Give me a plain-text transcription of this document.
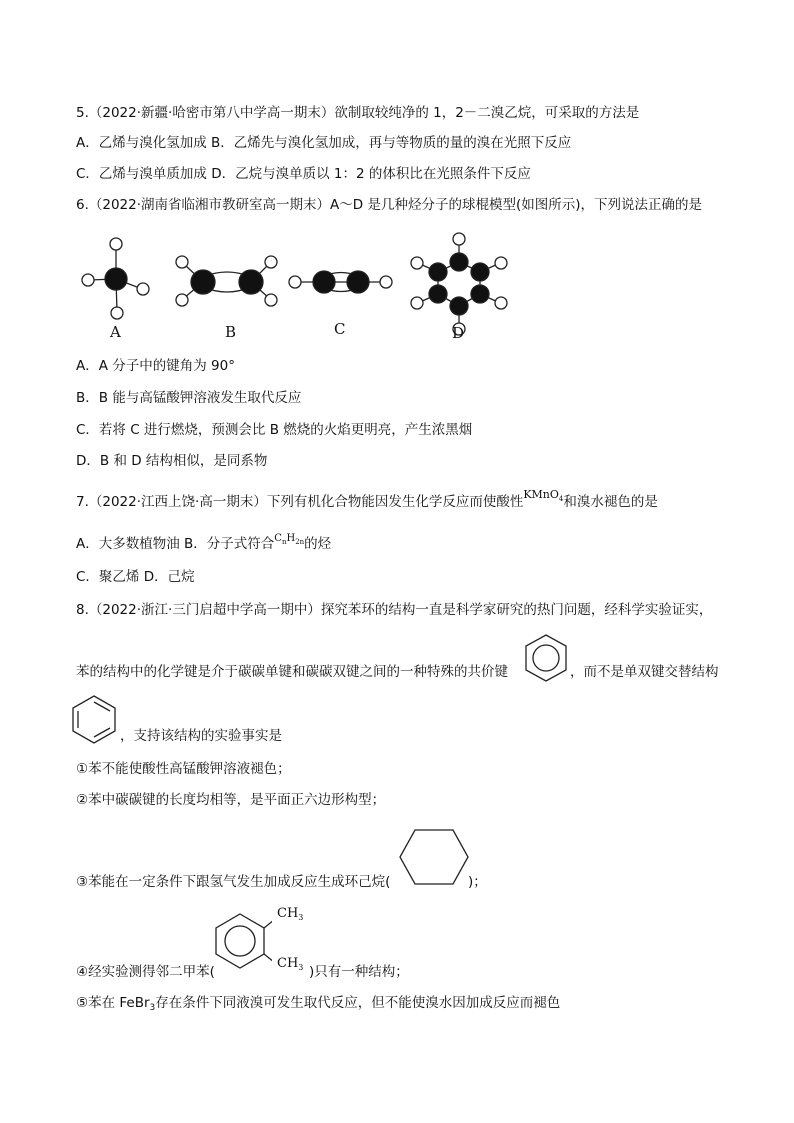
5.（2022·新疆·哈密市第八中学高一期末）欲制取较纯净的 1，2－二溴乙烷，可采取的方法是
A．乙烯与溴化氢加成 B．乙烯先与溴化氢加成，再与等物质的量的溴在光照下反应
C．乙烯与溴单质加成 D．乙烷与溴单质以 1：2 的体积比在光照条件下反应
6.（2022·湖南省临湘市教研室高一期末）A～D 是几种烃分子的球棍模型(如图所示)，下列说法正确的是
A	B	C	D
A．A 分子中的键角为 90°
B．B 能与高锰酸钾溶液发生取代反应
C．若将 C 进行燃烧，预测会比 B 燃烧的火焰更明亮，产生浓黑烟
D．B 和 D 结构相似，是同系物
7.（2022·江西上饶·高一期末）下列有机化合物能因发生化学反应而使酸性$^{KMnO_4}$和溴水褪色的是
A．大多数植物油 B．分子式符合$^{C_nH_{2n}}$的烃
C．聚乙烯 D．己烷
8.（2022·浙江·三门启超中学高一期中）探究苯环的结构一直是科学家研究的热门问题，经科学实验证实，
苯的结构中的化学键是介于碳碳单键和碳碳双键之间的一种特殊的共价键	，而不是单双键交替结构
，支持该结构的实验事实是
①苯不能使酸性高锰酸钾溶液褪色；
②苯中碳碳键的长度均相等，是平面正六边形构型；
③苯能在一定条件下跟氢气发生加成反应生成环己烷(	)；
$CH_3$
$CH_3$
④经实验测得邻二甲苯(	)只有一种结构；
⑤苯在 FeBr$_3$存在条件下同液溴可发生取代反应，但不能使溴水因加成反应而褪色
